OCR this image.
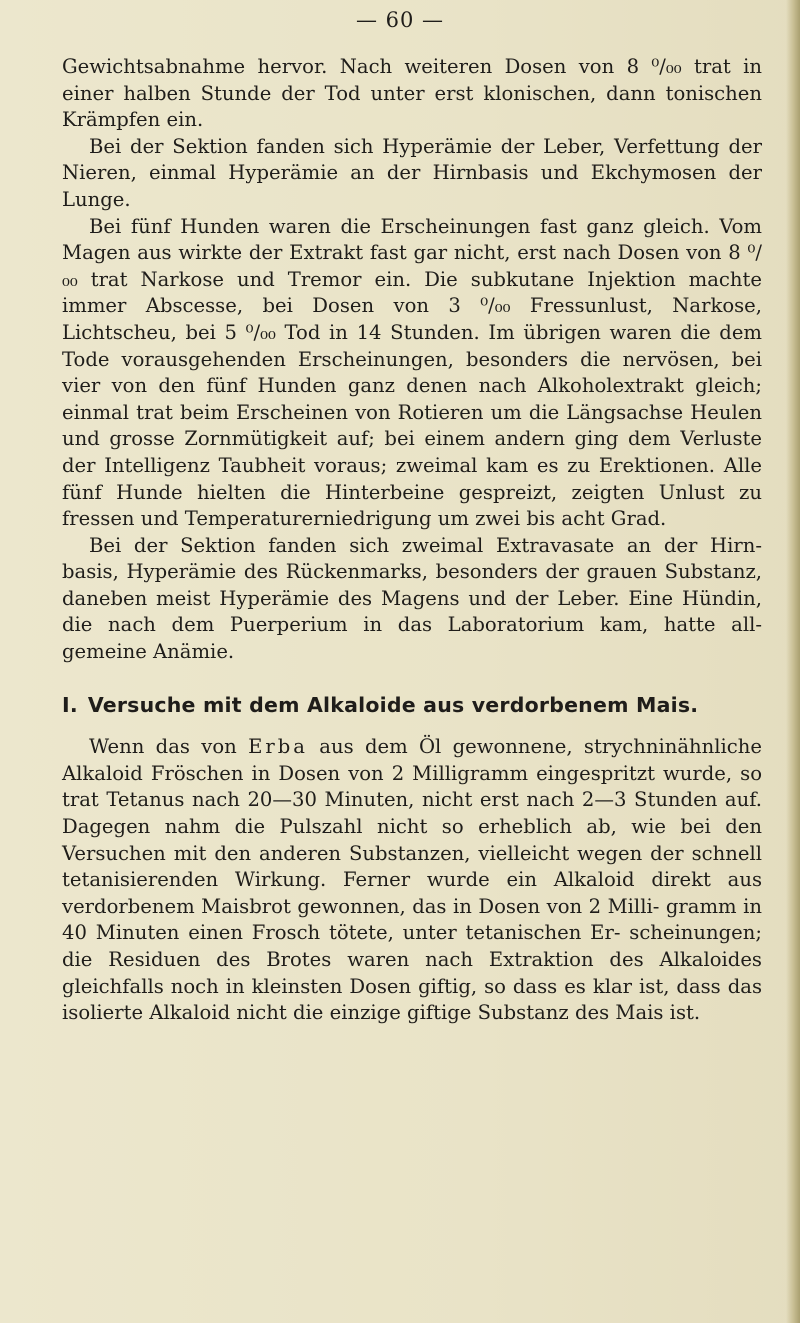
— 60 —

Gewichtsabnahme hervor. Nach weiteren Dosen von 8 ⁰/₀₀ trat in einer halben Stunde der Tod unter erst klonischen, dann tonischen Krämpfen ein.

Bei der Sektion fanden sich Hyperämie der Leber, Verfettung der Nieren, einmal Hyperämie an der Hirnbasis und Ekchymosen der Lunge.

Bei fünf Hunden waren die Erscheinungen fast ganz gleich. Vom Magen aus wirkte der Extrakt fast gar nicht, erst nach Dosen von 8 ⁰/₀₀ trat Narkose und Tremor ein. Die subkutane Injektion machte immer Abscesse, bei Dosen von 3 ⁰/₀₀ Fressunlust, Narkose, Lichtscheu, bei 5 ⁰/₀₀ Tod in 14 Stunden. Im übrigen waren die dem Tode vorausgehenden Erscheinungen, besonders die nervösen, bei vier von den fünf Hunden ganz denen nach Alkoholextrakt gleich; einmal trat beim Erscheinen von Rotieren um die Längsachse Heulen und grosse Zornmütigkeit auf; bei einem andern ging dem Verluste der Intelligenz Taubheit voraus; zweimal kam es zu Erektionen. Alle fünf Hunde hielten die Hinterbeine gespreizt, zeigten Unlust zu fressen und Temperaturerniedrigung um zwei bis acht Grad.

Bei der Sektion fanden sich zweimal Extravasate an der Hirn- basis, Hyperämie des Rückenmarks, besonders der grauen Substanz, daneben meist Hyperämie des Magens und der Leber. Eine Hündin, die nach dem Puerperium in das Laboratorium kam, hatte all- gemeine Anämie.

I. Versuche mit dem Alkaloide aus verdorbenem Mais.

Wenn das von Erba aus dem Öl gewonnene, strychninähnliche Alkaloid Fröschen in Dosen von 2 Milligramm eingespritzt wurde, so trat Tetanus nach 20—30 Minuten, nicht erst nach 2—3 Stunden auf. Dagegen nahm die Pulszahl nicht so erheblich ab, wie bei den Versuchen mit den anderen Substanzen, vielleicht wegen der schnell tetanisierenden Wirkung. Ferner wurde ein Alkaloid direkt aus verdorbenem Maisbrot gewonnen, das in Dosen von 2 Milli- gramm in 40 Minuten einen Frosch tötete, unter tetanischen Er- scheinungen; die Residuen des Brotes waren nach Extraktion des Alkaloides gleichfalls noch in kleinsten Dosen giftig, so dass es klar ist, dass das isolierte Alkaloid nicht die einzige giftige Substanz des Mais ist.
